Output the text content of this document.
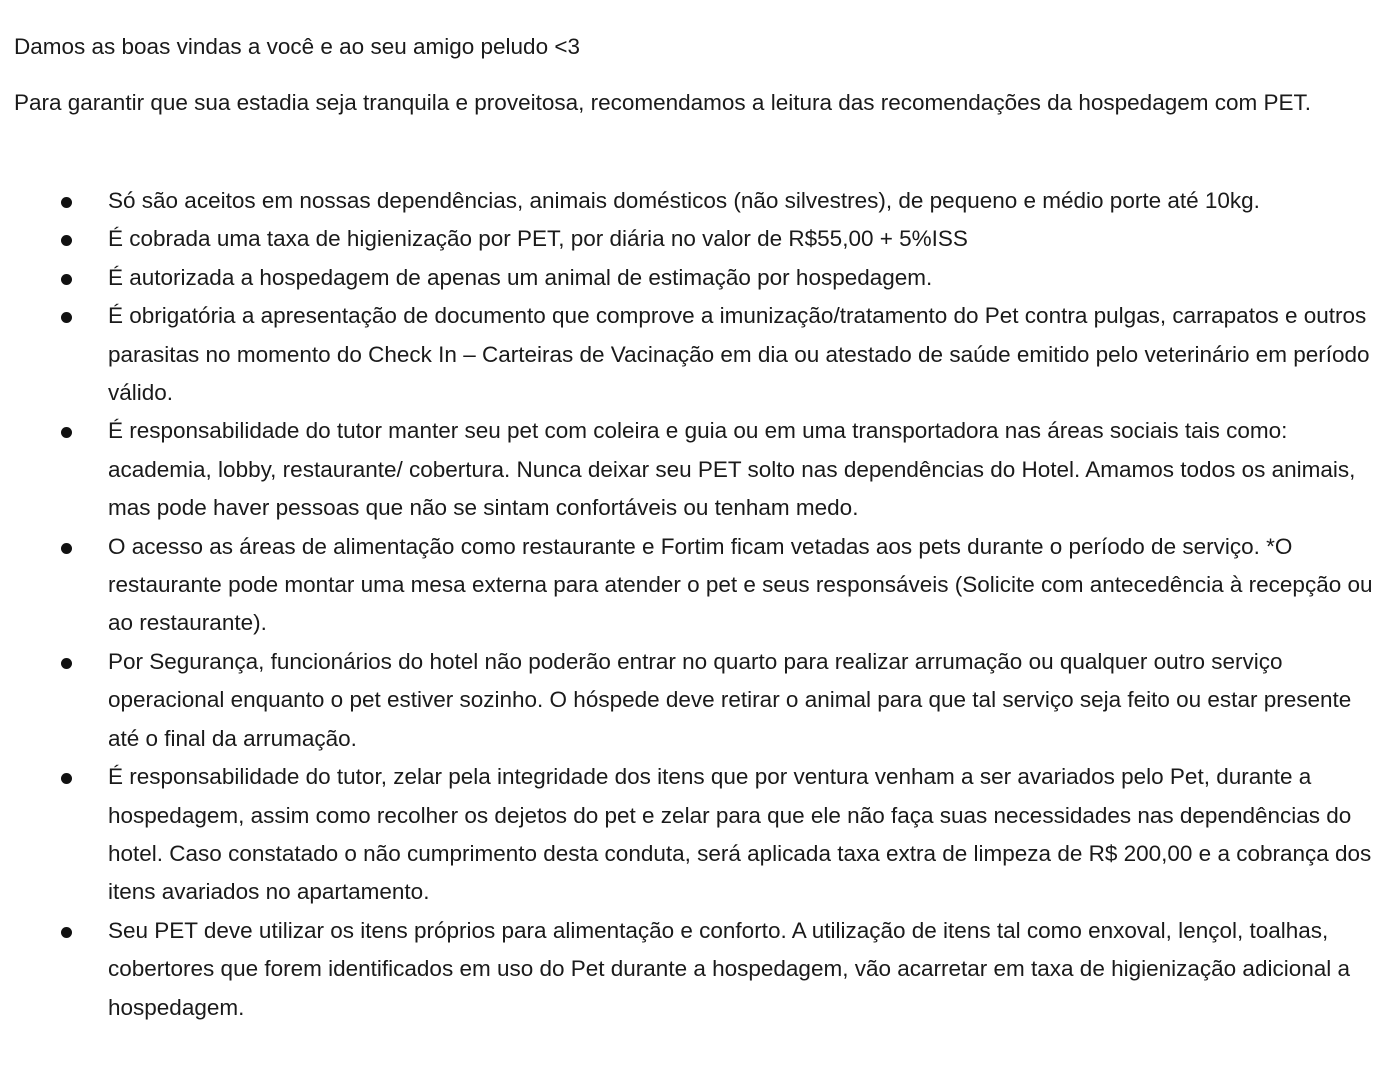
Damos as boas vindas a você e ao seu amigo peludo <3

Para garantir que sua estadia seja tranquila e proveitosa, recomendamos a leitura das recomendações da hospedagem com PET.

Só são aceitos em nossas dependências, animais domésticos (não silvestres), de pequeno e médio porte até 10kg.
É cobrada uma taxa de higienização por PET, por diária no valor de R$55,00 + 5%ISS
É autorizada a hospedagem de apenas um animal de estimação por hospedagem.
É obrigatória a apresentação de documento que comprove a imunização/tratamento do Pet contra pulgas, carrapatos e outros parasitas no momento do Check In – Carteiras de Vacinação em dia ou atestado de saúde emitido pelo veterinário em período válido.
É responsabilidade do tutor manter seu pet com coleira e guia ou em uma transportadora nas áreas sociais tais como: academia, lobby, restaurante/ cobertura. Nunca deixar seu PET solto nas dependências do Hotel. Amamos todos os animais, mas pode haver pessoas que não se sintam confortáveis ou tenham medo.
O acesso as áreas de alimentação como restaurante e Fortim ficam vetadas aos pets durante o período de serviço. *O restaurante pode montar uma mesa externa para atender o pet e seus responsáveis (Solicite com antecedência à recepção ou ao restaurante).
Por Segurança, funcionários do hotel não poderão entrar no quarto para realizar arrumação ou qualquer outro serviço operacional enquanto o pet estiver sozinho. O hóspede deve retirar o animal para que tal serviço seja feito ou estar presente até o final da arrumação.
É responsabilidade do tutor, zelar pela integridade dos itens que por ventura venham a ser avariados pelo Pet, durante a hospedagem, assim como recolher os dejetos do pet e zelar para que ele não faça suas necessidades nas dependências do hotel. Caso constatado o não cumprimento desta conduta, será aplicada taxa extra de limpeza de R$ 200,00 e a cobrança dos itens avariados no apartamento.
Seu PET deve utilizar os itens próprios para alimentação e conforto. A utilização de itens tal como enxoval, lençol, toalhas, cobertores que forem identificados em uso do Pet durante a hospedagem, vão acarretar em taxa de higienização adicional a hospedagem.
